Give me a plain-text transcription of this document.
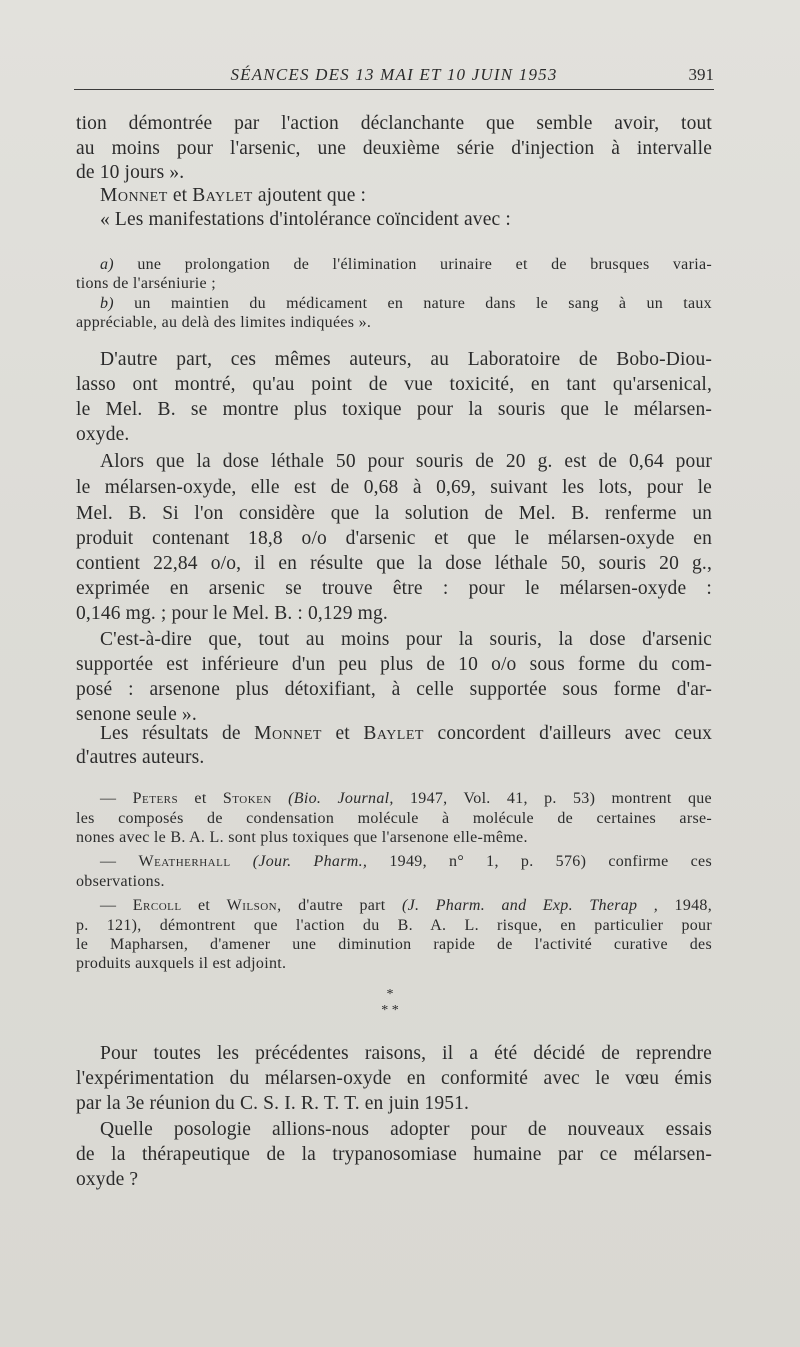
SÉANCES DES 13 MAI ET 10 JUIN 1953	391
tion démontrée par l'action déclanchante que semble avoir, tout
au moins pour l'arsenic, une deuxième série d'injection à intervalle
de 10 jours ».
Monnet et Baylet ajoutent que :
« Les manifestations d'intolérance coïncident avec :
a) une prolongation de l'élimination urinaire et de brusques varia-
tions de l'arséniurie ;
b) un maintien du médicament en nature dans le sang à un taux
appréciable, au delà des limites indiquées ».
D'autre part, ces mêmes auteurs, au Laboratoire de Bobo-Diou-
lasso ont montré, qu'au point de vue toxicité, en tant qu'arsenical,
le Mel. B. se montre plus toxique pour la souris que le mélarsen-
oxyde.
Alors que la dose léthale 50 pour souris de 20 g. est de 0,64 pour
le mélarsen-oxyde, elle est de 0,68 à 0,69, suivant les lots, pour le
Mel. B. Si l'on considère que la solution de Mel. B. renferme un
produit contenant 18,8 o/o d'arsenic et que le mélarsen-oxyde en
contient 22,84 o/o, il en résulte que la dose léthale 50, souris 20 g.,
exprimée en arsenic se trouve être : pour le mélarsen-oxyde :
0,146 mg. ; pour le Mel. B. : 0,129 mg.
C'est-à-dire que, tout au moins pour la souris, la dose d'arsenic
supportée est inférieure d'un peu plus de 10 o/o sous forme du com-
posé : arsenone plus détoxifiant, à celle supportée sous forme d'ar-
senone seule ».
Les résultats de Monnet et Baylet concordent d'ailleurs avec ceux
d'autres auteurs.
— Peters et Stoken (Bio. Journal, 1947, Vol. 41, p. 53) montrent que
les composés de condensation molécule à molécule de certaines arse-
nones avec le B. A. L. sont plus toxiques que l'arsenone elle-même.
— Weatherhall (Jour. Pharm., 1949, n° 1, p. 576) confirme ces
observations.
— Ercoll et Wilson, d'autre part (J. Pharm. and Exp. Therap , 1948,
p. 121), démontrent que l'action du B. A. L. risque, en particulier pour
le Mapharsen, d'amener une diminution rapide de l'activité curative des
produits auxquels il est adjoint.
*
* *
Pour toutes les précédentes raisons, il a été décidé de reprendre
l'expérimentation du mélarsen-oxyde en conformité avec le vœu émis
par la 3e réunion du C. S. I. R. T. T. en juin 1951.
Quelle posologie allions-nous adopter pour de nouveaux essais
de la thérapeutique de la trypanosomiase humaine par ce mélarsen-
oxyde ?
